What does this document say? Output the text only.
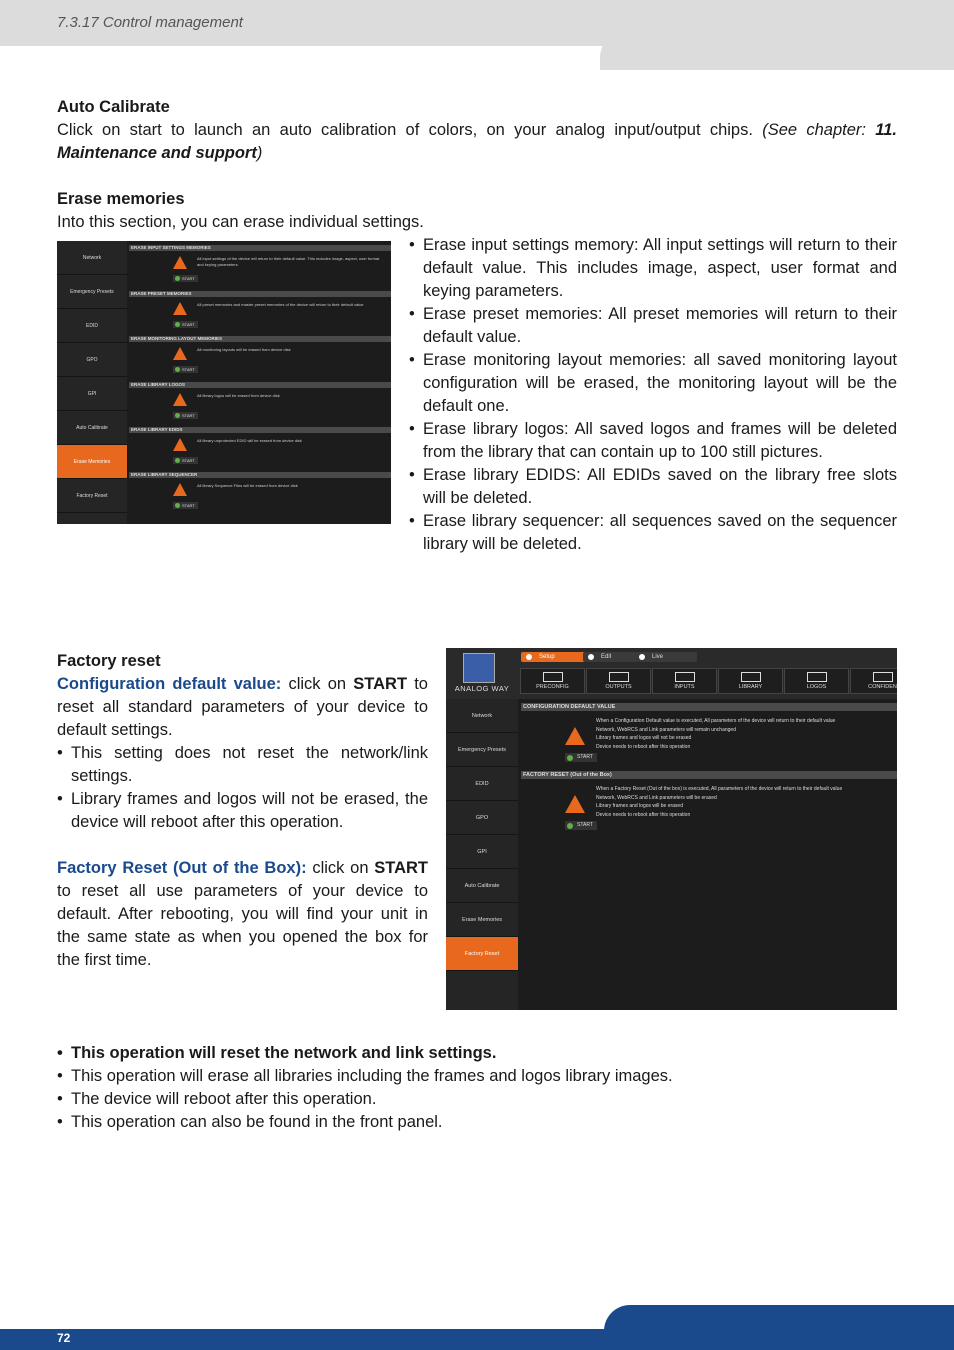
7.3.17 Control management
Auto Calibrate
Click on start to launch an auto calibration of colors, on your analog input/output chips. (See chapter: 11. Maintenance and support)
Erase memories
Into this section, you can erase individual settings.
• Erase input settings memory: All input settings will return to their default value. This includes image, aspect, user format and keying parameters.
• Erase preset memories: All preset memories will return to their default value.
• Erase monitoring layout memories: all saved monitoring layout configuration will be erased, the monitoring layout will be the default one.
• Erase library logos: All saved logos and frames will be deleted from the library that can contain up to 100 still pictures.
• Erase library EDIDS: All EDIDs saved on the library free slots will be deleted.
• Erase library sequencer: all sequences saved on the sequencer library will be deleted.
Network
Emergency Presets
EDID
GPO
GPI
Auto Calibrate
Erase Memories
Factory Reset
ERASE INPUT SETTINGS MEMORIES
All input settings of the device will return to their default value. This includes image, aspect, user format and keying parameters
START
ERASE PRESET MEMORIES
All preset memories and master preset memories of the device will return to their default value
START
ERASE MONITORING LAYOUT MEMORIES
All monitoring layouts will be erased from device disk
START
ERASE LIBRARY LOGOS
All library logos will be erased from device disk
START
ERASE LIBRARY EDIDS
All library unprotected EDID will be erased from device disk
START
ERASE LIBRARY SEQUENCER
All library Sequence Files will be erased from device disk
START
Factory reset
Configuration default value: click on START to reset all standard parameters of your device to default settings.
• This setting does not reset the network/link settings.
• Library frames and logos will not be erased, the device will reboot after this operation.
Factory Reset (Out of the Box): click on START to reset all use parameters of your device to default. After rebooting, you will find your unit in the same state as when you opened the box for the first time.
ANALOG WAY
Setup	Edit	Live
PRECONFIG	OUTPUTS	INPUTS	LIBRARY	LOGOS	CONFIDEN
Network
Emergency Presets
EDID
GPO
GPI
Auto Calibrate
Erase Memories
Factory Reset
CONFIGURATION DEFAULT VALUE
When a Configuration Default value is executed, All parameters of the device will return to their default value
Network, WebRCS and Link parameters will remain unchanged
Library frames and logos will not be erased
Device needs to reboot after this operation
START
FACTORY RESET (Out of the Box)
When a Factory Reset (Out of the box) is executed, All parameters of the device will return to their default value
Network, WebRCS and Link parameters will be erased
Library frames and logos will be erased
Device needs to reboot after this operation
START
• This operation will reset the network and link settings.
• This operation will erase all libraries including the frames and logos library images.
• The device will reboot after this operation.
• This operation can also be found in the front panel.
72
